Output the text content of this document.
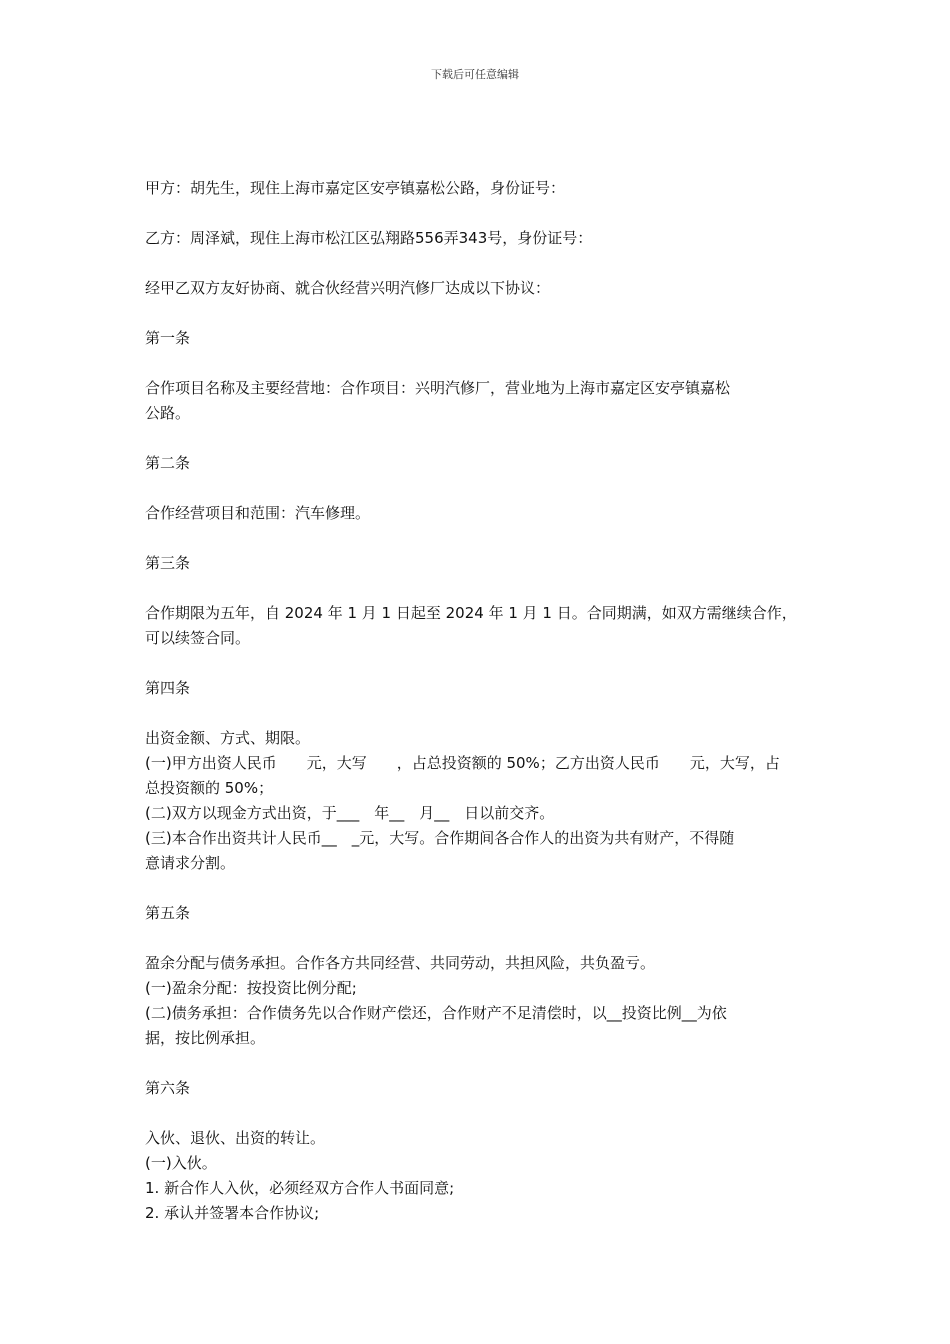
下载后可任意编辑

甲方：胡先生，现住上海市嘉定区安亭镇嘉松公路，身份证号：

乙方：周泽斌，现住上海市松江区弘翔路556弄343号，身份证号：

经甲乙双方友好协商、就合伙经营兴明汽修厂达成以下协议：

第一条

合作项目名称及主要经营地：合作项目：兴明汽修厂，营业地为上海市嘉定区安亭镇嘉松
公路。

第二条

合作经营项目和范围：汽车修理。

第三条

合作期限为五年，自 2024 年 1 月 1 日起至 2024 年 1 月 1 日。合同期满，如双方需继续合作，
可以续签合同。

第四条

出资金额、方式、期限。
(一)甲方出资人民币　　元，大写　　，占总投资额的 50%；乙方出资人民币　　元，大写，占
总投资额的 50%；
(二)双方以现金方式出资，于___　年__　月__　日以前交齐。
(三)本合作出资共计人民币__　_元，大写。合作期间各合作人的出资为共有财产，不得随
意请求分割。

第五条

盈余分配与债务承担。合作各方共同经营、共同劳动，共担风险，共负盈亏。
(一)盈余分配：按投资比例分配;
(二)债务承担：合作债务先以合作财产偿还，合作财产不足清偿时，以__投资比例__为依
据，按比例承担。

第六条

入伙、退伙、出资的转让。
(一)入伙。
1. 新合作人入伙，必须经双方合作人书面同意;
2. 承认并签署本合作协议;
